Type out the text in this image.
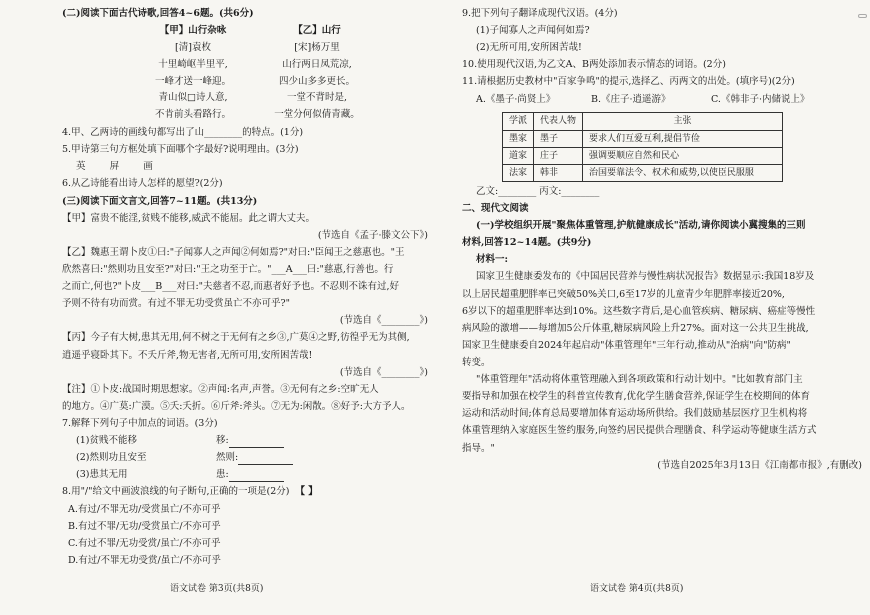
(二)阅读下面古代诗歌,回答4~6题。(共6分)
【甲】山行杂咏
[清]袁枚
十里崎岖半里平,
一峰才送一峰迎。
青山似□诗人意,
不肯前头看路行。
【乙】山行
[宋]杨万里
山行两日凤荒凉,
四少山多多更长。
一堂不背时是,
一堂分何似倩青藏。
4.甲、乙两诗的画线句都写出了山________的特点。(1分)
5.甲诗第三句方框处填下面哪个字最好?说明理由。(3分)
英        屏        画
6.从乙诗能看出诗人怎样的愿望?(2分)
(三)阅读下面文言文,回答7~11题。(共13分)
【甲】富贵不能淫,贫贱不能移,威武不能屈。此之谓大丈夫。
(节选自《孟子·滕文公下》)
【乙】魏惠王谓卜皮①曰:"子闻寡人之声闻②何如焉?"对曰:"臣闻王之慈惠也。"王
欣然喜曰:"然则功且安至?"对曰:"王之功至于亡。"___A___曰:"慈惠,行善也。行
之而亡,何也?"卜皮___B___对曰:"夫慈者不忍,而惠者好予也。不忍则不诛有过,好
予则不待有功而赏。有过不罪无功受赏虽亡不亦可乎?"
(节选自《________》)
【丙】今子有大树,患其无用,何不树之于无何有之乡③,广莫④之野,彷徨乎无为其侧,
逍遥乎寝卧其下。不夭斤斧,物无害者,无所可用,安所困苦哉!
(节选自《________》)
【注】①卜皮:战国时期思想家。②声闻:名声,声誉。③无何有之乡:空旷无人
的地方。④广莫:广漠。⑤夭:夭折。⑥斤斧:斧头。⑦无为:闲散。⑧好予:大方予人。
7.解释下列句子中加点的词语。(3分)
(1)贫贱不能移	移:
(2)然则功且安至	然则:
(3)患其无用	患:
8.用"/"给文中画波浪线的句子断句,正确的一项是(2分) 【 】
A.有过/不罪无功/受赏虽亡/不亦可乎
B.有过不罪/无功/受赏虽亡/不亦可乎
C.有过不罪/无功受赏/虽亡/不亦可乎
D.有过/不罪无功受赏/虽亡/不亦可乎
9.把下列句子翻译成现代汉语。(4分)
(1)子闻寡人之声闻何如焉?
(2)无所可用,安所困苦哉!
10.使用现代汉语,为乙文A、B两处添加表示情态的词语。(2分)
11.请根据历史教材中"百家争鸣"的提示,选择乙、丙两文的出处。(填序号)(2分)
A.《墨子·尚贤上》	B.《庄子·逍遥游》	C.《韩非子·内储说上》
学派	代表人物	主张
墨家	墨子	要求人们互爱互利,提倡节俭
道家	庄子	强调要顺应自然和民心
法家	韩非	治国要靠法令、权术和威势,以使臣民服服
乙文:________ 丙文:________
二、现代文阅读
(一)学校组织开展"聚焦体重管理,护航健康成长"活动,请你阅读小冀搜集的三则
材料,回答12~14题。(共9分)
材料一:
国家卫生健康委发布的《中国居民营养与慢性病状况报告》数据显示:我国18岁及
以上居民超重肥胖率已突破50%关口,6至17岁的儿童青少年肥胖率接近20%,
6岁以下的超重肥胖率达到10%。这些数字背后,是心血管疾病、糖尿病、癌症等慢性
病风险的激增——每增加5公斤体重,糖尿病风险上升27%。面对这一公共卫生挑战,
国家卫生健康委自2024年起启动"体重管理年"三年行动,推动从"治病"向"防病"
转变。
"体重管理年"活动将体重管理融入到各项政策和行动计划中。"比如教育部门主
要指导和加强在校学生的科普宣传教育,优化学生膳食营养,保证学生在校期间的体育
运动和活动时间;体育总局要增加体育运动场所供给。我们鼓励基层医疗卫生机构将
体重管理纳入家庭医生签约服务,向签约居民提供合理膳食、科学运动等健康生活方式
指导。"
(节选自2025年3月13日《江南都市报》,有删改)
语文试卷 第3页(共8页)	语文试卷 第4页(共8页)
